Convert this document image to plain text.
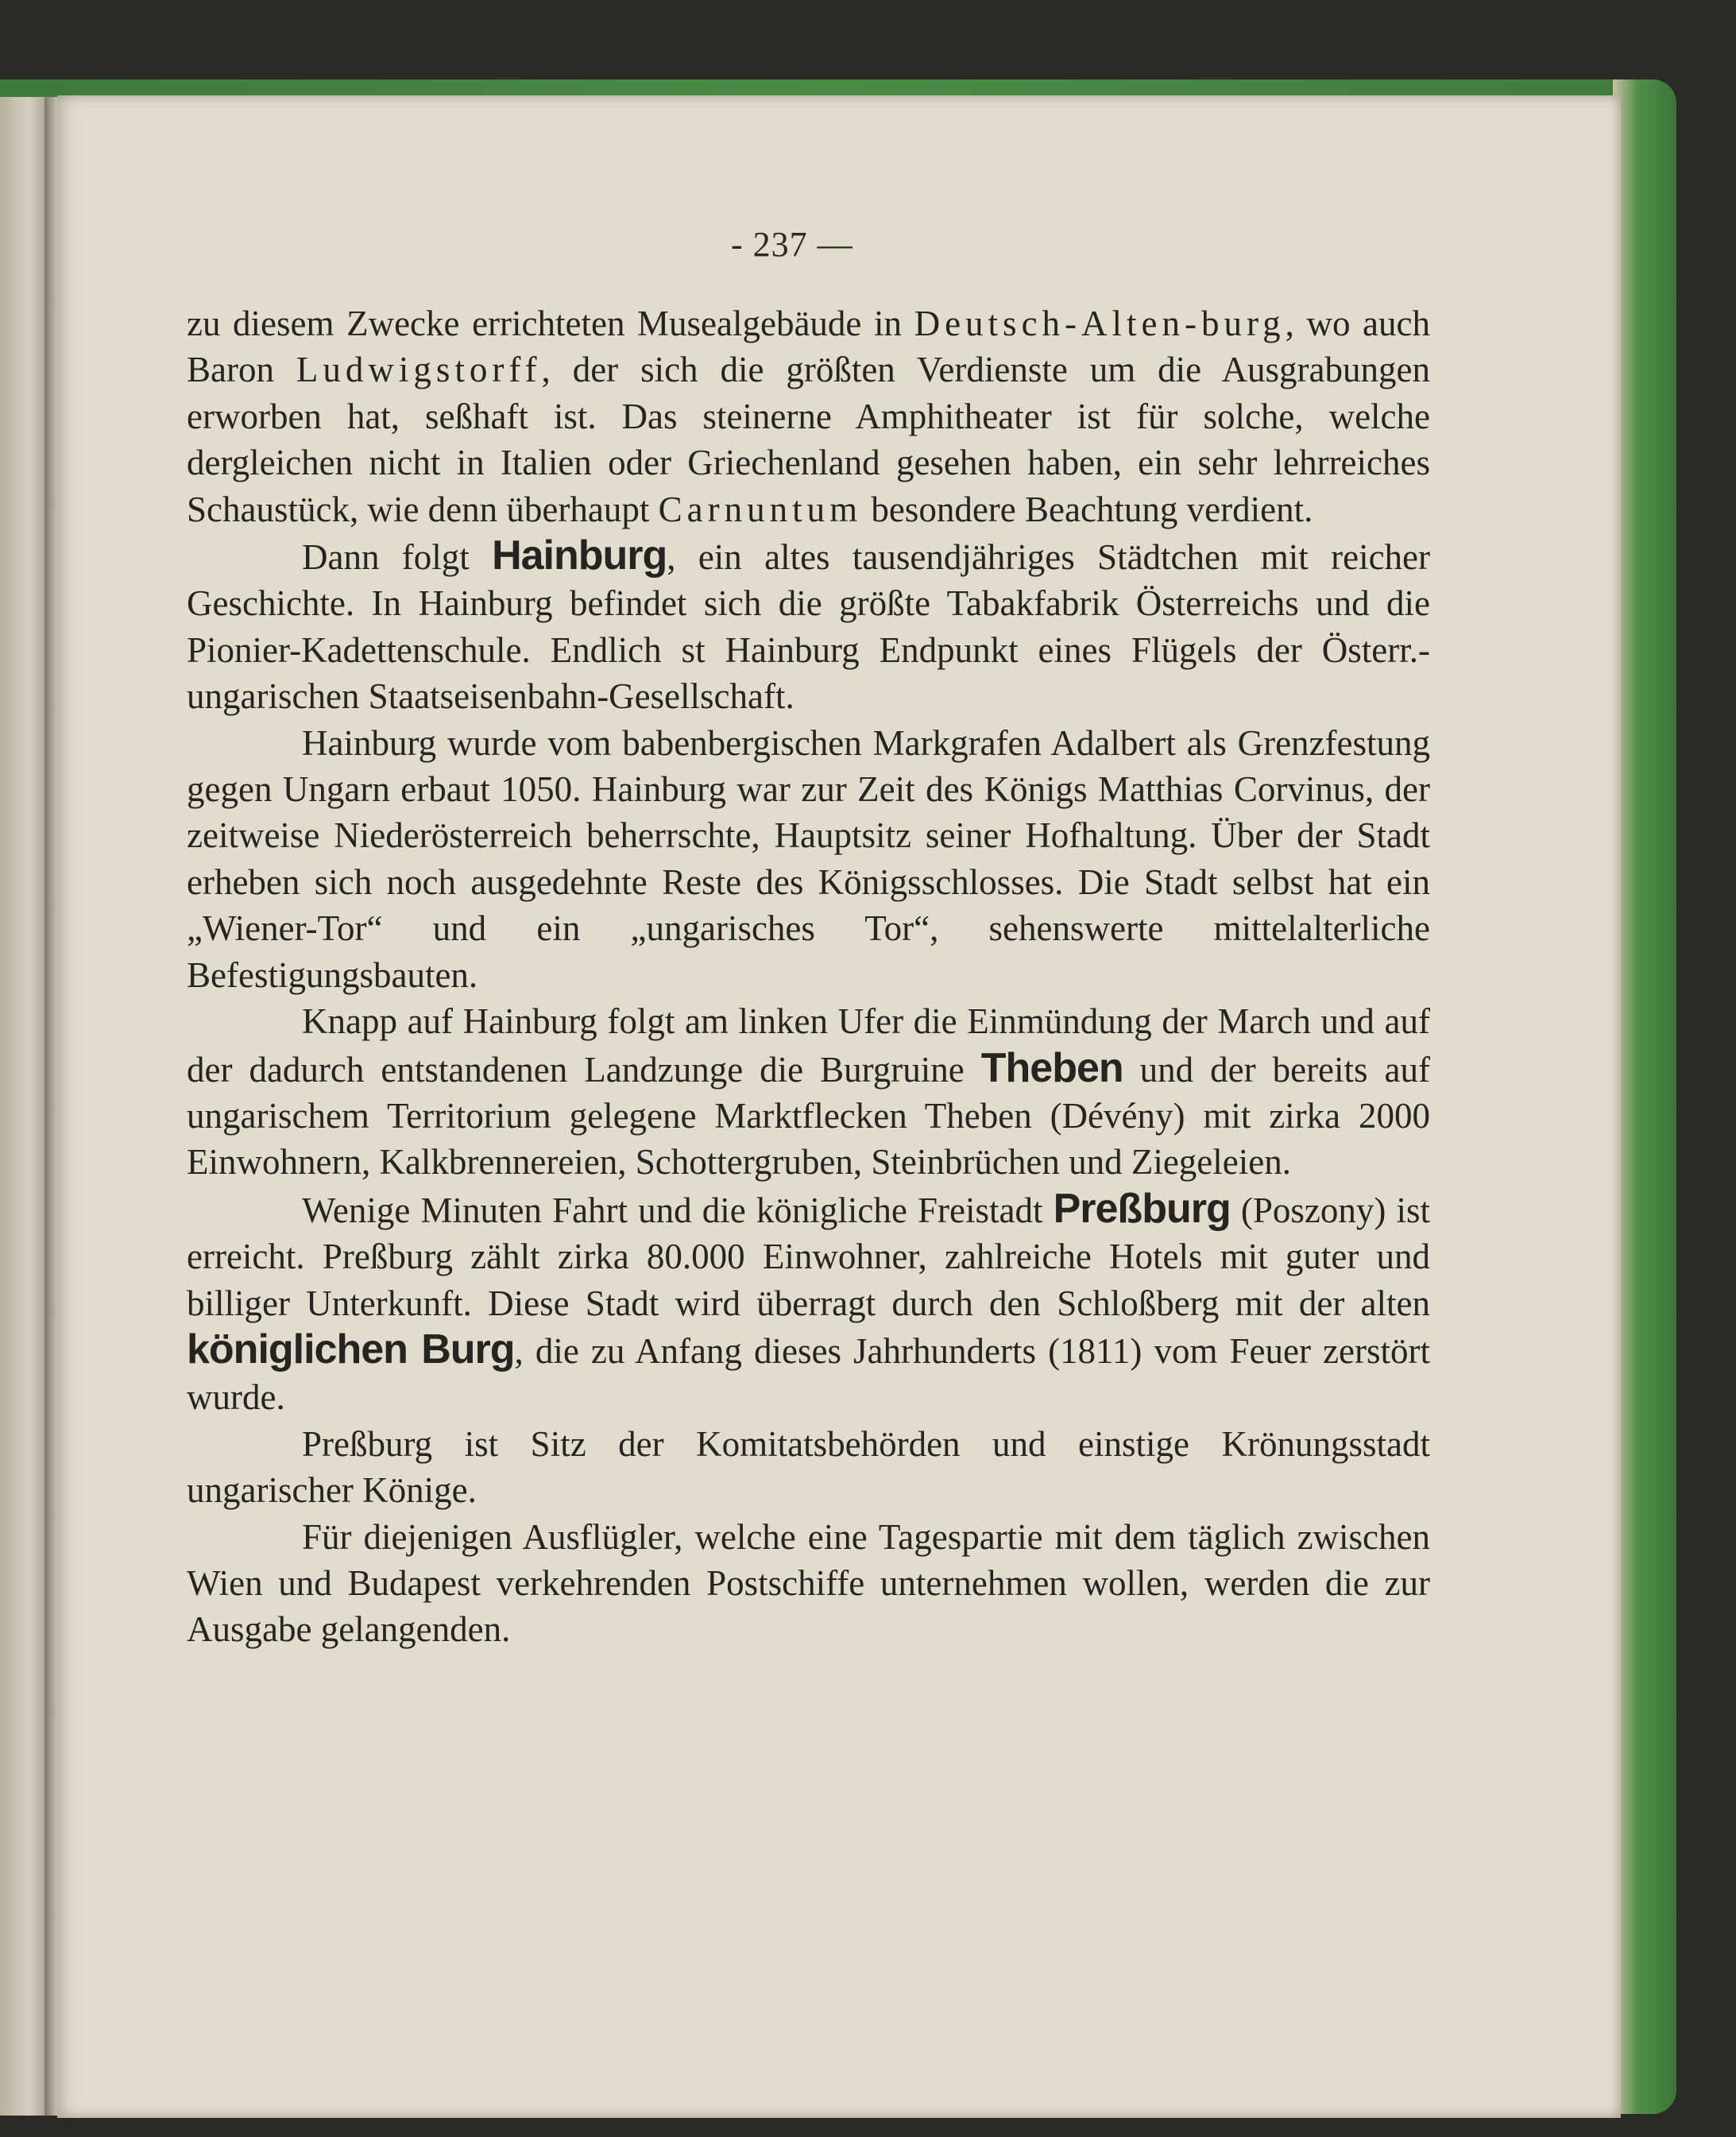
- 237 —

zu diesem Zwecke errichteten Musealgebäude in Deutsch-Alten-burg, wo auch Baron Ludwigstorff, der sich die größten Verdienste um die Ausgrabungen erworben hat, seßhaft ist. Das steinerne Amphitheater ist für solche, welche dergleichen nicht in Italien oder Griechenland gesehen haben, ein sehr lehrreiches Schaustück, wie denn überhaupt Carnuntum besondere Beachtung verdient.

Dann folgt Hainburg, ein altes tausendjähriges Städtchen mit reicher Geschichte. In Hainburg befindet sich die größte Tabakfabrik Österreichs und die Pionier-Kadettenschule. Endlich st Hainburg Endpunkt eines Flügels der Österr.-ungarischen Staatseisenbahn-Gesellschaft.

Hainburg wurde vom babenbergischen Markgrafen Adalbert als Grenzfestung gegen Ungarn erbaut 1050. Hainburg war zur Zeit des Königs Matthias Corvinus, der zeitweise Niederösterreich beherrschte, Hauptsitz seiner Hofhaltung. Über der Stadt erheben sich noch ausgedehnte Reste des Königsschlosses. Die Stadt selbst hat ein „Wiener-Tor“ und ein „ungarisches Tor“, sehenswerte mittelalterliche Befestigungsbauten.

Knapp auf Hainburg folgt am linken Ufer die Einmündung der March und auf der dadurch entstandenen Landzunge die Burgruine Theben und der bereits auf ungarischem Territorium gelegene Marktflecken Theben (Dévény) mit zirka 2000 Einwohnern, Kalkbrennereien, Schottergruben, Steinbrüchen und Ziegeleien.

Wenige Minuten Fahrt und die königliche Freistadt Preßburg (Poszony) ist erreicht. Preßburg zählt zirka 80.000 Einwohner, zahlreiche Hotels mit guter und billiger Unterkunft. Diese Stadt wird überragt durch den Schloßberg mit der alten königlichen Burg, die zu Anfang dieses Jahrhunderts (1811) vom Feuer zerstört wurde.

Preßburg ist Sitz der Komitatsbehörden und einstige Krönungsstadt ungarischer Könige.

Für diejenigen Ausflügler, welche eine Tagespartie mit dem täglich zwischen Wien und Budapest verkehrenden Postschiffe unternehmen wollen, werden die zur Ausgabe gelangenden.
